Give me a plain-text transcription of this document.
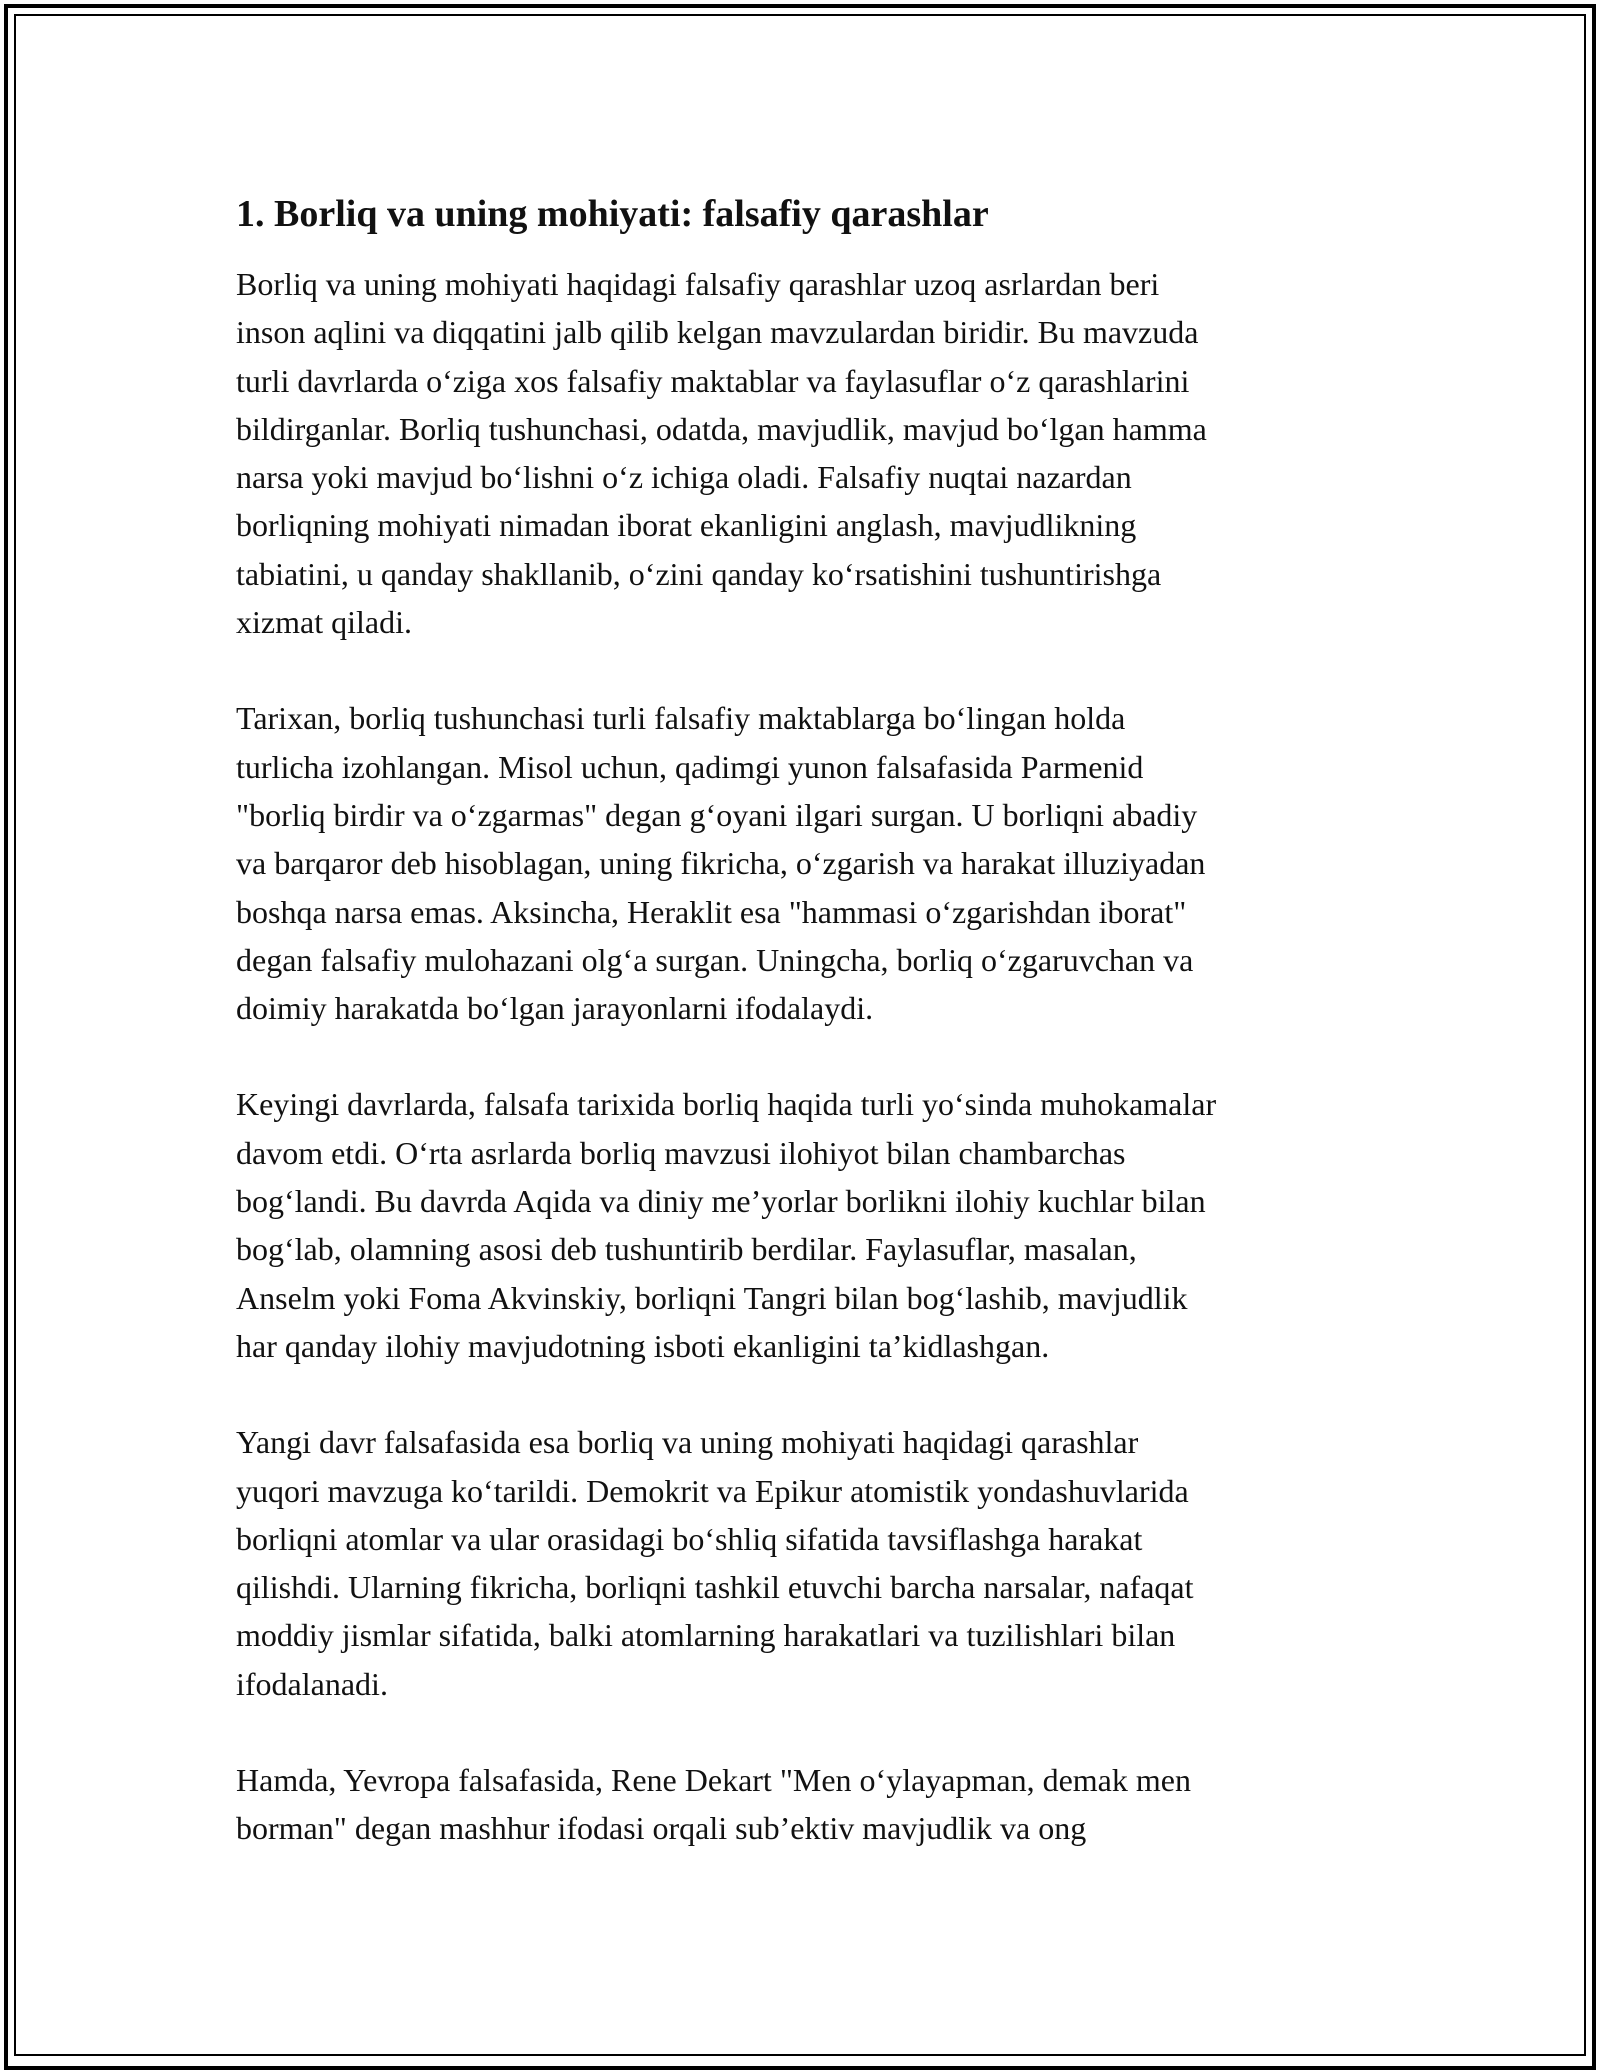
1. Borliq va uning mohiyati: falsafiy qarashlar

Borliq va uning mohiyati haqidagi falsafiy qarashlar uzoq asrlardan beri
inson aqlini va diqqatini jalb qilib kelgan mavzulardan biridir. Bu mavzuda
turli davrlarda o‘ziga xos falsafiy maktablar va faylasuflar o‘z qarashlarini
bildirganlar. Borliq tushunchasi, odatda, mavjudlik, mavjud bo‘lgan hamma
narsa yoki mavjud bo‘lishni o‘z ichiga oladi. Falsafiy nuqtai nazardan
borliqning mohiyati nimadan iborat ekanligini anglash, mavjudlikning
tabiatini, u qanday shakllanib, o‘zini qanday ko‘rsatishini tushuntirishga
xizmat qiladi.

Tarixan, borliq tushunchasi turli falsafiy maktablarga bo‘lingan holda
turlicha izohlangan. Misol uchun, qadimgi yunon falsafasida Parmenid
"borliq birdir va o‘zgarmas" degan g‘oyani ilgari surgan. U borliqni abadiy
va barqaror deb hisoblagan, uning fikricha, o‘zgarish va harakat illuziyadan
boshqa narsa emas. Aksincha, Heraklit esa "hammasi o‘zgarishdan iborat"
degan falsafiy mulohazani olg‘a surgan. Uningcha, borliq o‘zgaruvchan va
doimiy harakatda bo‘lgan jarayonlarni ifodalaydi.

Keyingi davrlarda, falsafa tarixida borliq haqida turli yo‘sinda muhokamalar
davom etdi. O‘rta asrlarda borliq mavzusi ilohiyot bilan chambarchas
bog‘landi. Bu davrda Aqida va diniy me’yorlar borlikni ilohiy kuchlar bilan
bog‘lab, olamning asosi deb tushuntirib berdilar. Faylasuflar, masalan,
Anselm yoki Foma Akvinskiy, borliqni Tangri bilan bog‘lashib, mavjudlik
har qanday ilohiy mavjudotning isboti ekanligini ta’kidlashgan.

Yangi davr falsafasida esa borliq va uning mohiyati haqidagi qarashlar
yuqori mavzuga ko‘tarildi. Demokrit va Epikur atomistik yondashuvlarida
borliqni atomlar va ular orasidagi bo‘shliq sifatida tavsiflashga harakat
qilishdi. Ularning fikricha, borliqni tashkil etuvchi barcha narsalar, nafaqat
moddiy jismlar sifatida, balki atomlarning harakatlari va tuzilishlari bilan
ifodalanadi.

Hamda, Yevropa falsafasida, Rene Dekart "Men o‘ylayapman, demak men
borman" degan mashhur ifodasi orqali sub’ektiv mavjudlik va ong
